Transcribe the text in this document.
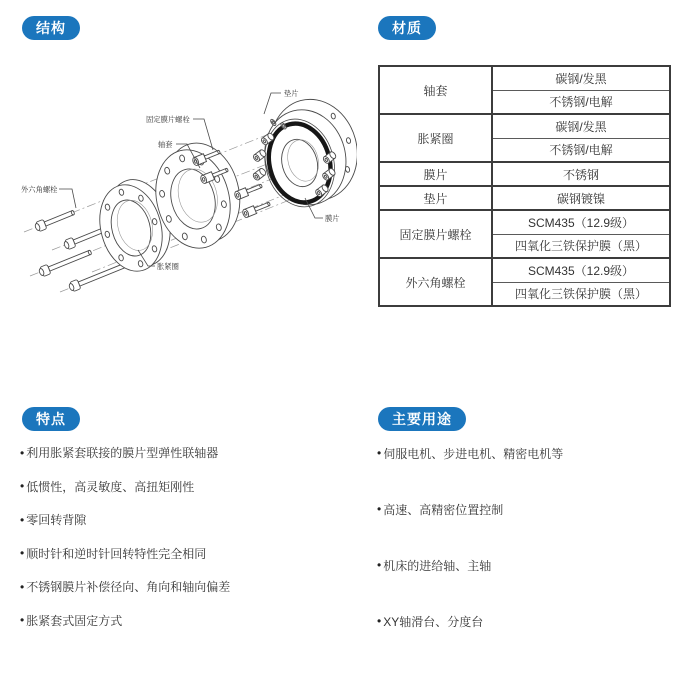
结构	材质
特点	主要用途
外六角螺栓
轴套
固定膜片螺栓
垫片
膜片
胀紧圈
轴套	碳钢/发黑
	不锈钢/电解
胀紧圈	碳钢/发黑
	不锈钢/电解
膜片	不锈钢
垫片	碳钢镀镍
固定膜片螺栓	SCM435（12.9级）
	四氧化三铁保护膜（黑）
外六角螺栓	SCM435（12.9级）
	四氧化三铁保护膜（黑）
• 利用胀紧套联接的膜片型弹性联轴器
• 低惯性，高灵敏度、高扭矩刚性
• 零回转背隙
• 顺时针和逆时针回转特性完全相同
• 不锈钢膜片补偿径向、角向和轴向偏差
• 胀紧套式固定方式
• 伺服电机、步进电机、精密电机等
• 高速、高精密位置控制
• 机床的进给轴、主轴
• XY轴滑台、分度台
